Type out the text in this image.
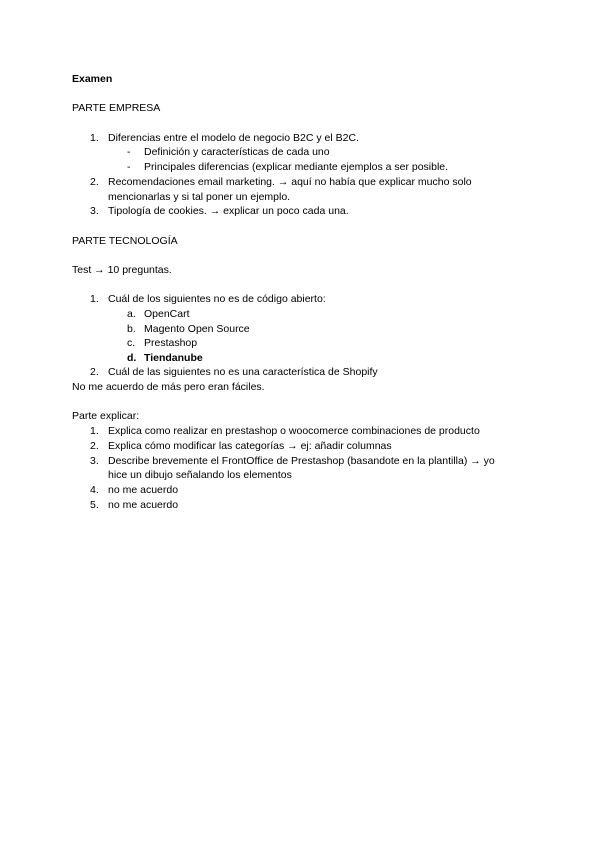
Examen
PARTE EMPRESA
1. Diferencias entre el modelo de negocio B2C y el B2C.
- Definición y características de cada uno
- Principales diferencias (explicar mediante ejemplos a ser posible.
2. Recomendaciones email marketing. → aquí no había que explicar mucho solo
mencionarlas y si tal poner un ejemplo.
3. Tipología de cookies. → explicar un poco cada una.
PARTE TECNOLOGÍA
Test → 10 preguntas.
1. Cuál de los siguientes no es de código abierto:
a. OpenCart
b. Magento Open Source
c. Prestashop
d. Tiendanube
2. Cuál de las siguientes no es una característica de Shopify
No me acuerdo de más pero eran fáciles.
Parte explicar:
1. Explica como realizar en prestashop o woocomerce combinaciones de producto
2. Explica cómo modificar las categorías → ej: añadir columnas
3. Describe brevemente el FrontOffice de Prestashop (basandote en la plantilla) → yo
hice un dibujo señalando los elementos
4. no me acuerdo
5. no me acuerdo
